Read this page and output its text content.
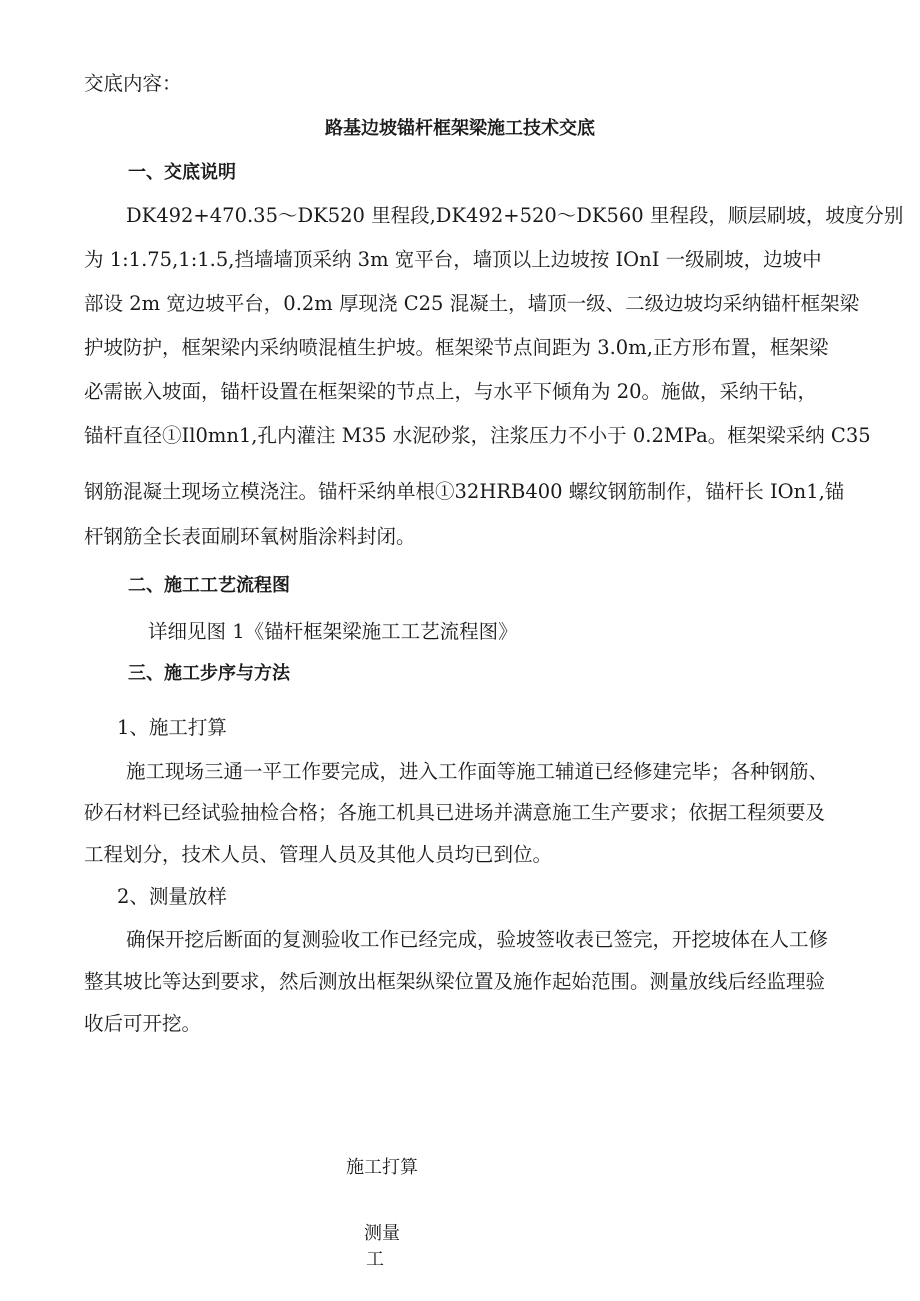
交底内容：
路基边坡锚杆框架梁施工技术交底
一、交底说明
DK492+470.35～DK520 里程段,DK492+520～DK560 里程段，顺层刷坡，坡度分别
为 1:1.75,1:1.5,挡墙墙顶采纳 3m 宽平台，墙顶以上边坡按 IOnI 一级刷坡，边坡中
部设 2m 宽边坡平台，0.2m 厚现浇 C25 混凝土，墙顶一级、二级边坡均采纳锚杆框架梁
护坡防护，框架梁内采纳喷混植生护坡。框架梁节点间距为 3.0m,正方形布置，框架梁
必需嵌入坡面，锚杆设置在框架梁的节点上，与水平下倾角为 20。施做，采纳干钻，
锚杆直径①Il0mn1,孔内灌注 M35 水泥砂浆，注浆压力不小于 0.2MPa。框架梁采纳 C35
钢筋混凝土现场立模浇注。锚杆采纳单根①32HRB400 螺纹钢筋制作，锚杆长 IOn1,锚
杆钢筋全长表面刷环氧树脂涂料封闭。
二、施工工艺流程图
详细见图 1《锚杆框架梁施工工艺流程图》
三、施工步序与方法
1、施工打算
施工现场三通一平工作要完成，进入工作面等施工辅道已经修建完毕；各种钢筋、
砂石材料已经试验抽检合格；各施工机具已进场并满意施工生产要求；依据工程须要及
工程划分，技术人员、管理人员及其他人员均已到位。
2、测量放样
确保开挖后断面的复测验收工作已经完成，验坡签收表已签完，开挖坡体在人工修
整其坡比等达到要求，然后测放出框架纵梁位置及施作起始范围。测量放线后经监理验
收后可开挖。
施工打算
测量
工
